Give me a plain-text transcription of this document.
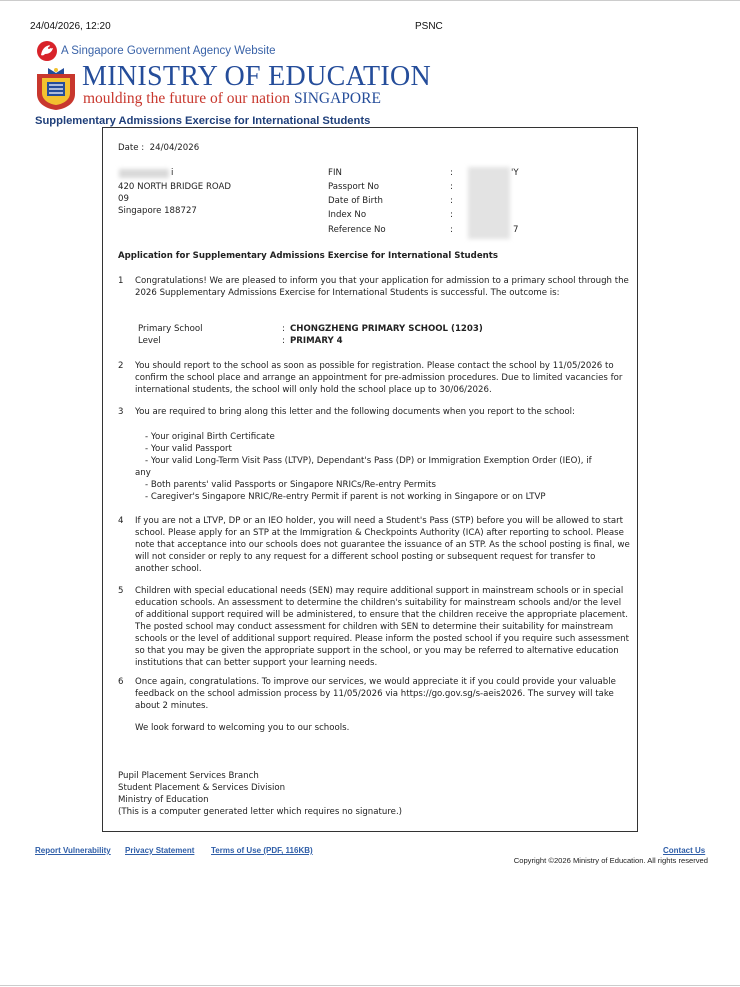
24/04/2026, 12:20	PSNC
A Singapore Government Agency Website
MINISTRY OF EDUCATION
moulding the future of our nation SINGAPORE
Supplementary Admissions Exercise for International Students
Date : 24/04/2026
i
420 NORTH BRIDGE ROAD
09
Singapore 188727
FIN	:	'Y
Passport No	:
Date of Birth	:
Index No	:
Reference No	:	7
Application for Supplementary Admissions Exercise for International Students
1 Congratulations! We are pleased to inform you that your application for admission to a primary school through the 2026 Supplementary Admissions Exercise for International Students is successful. The outcome is:
Primary School	: CHONGZHENG PRIMARY SCHOOL (1203)
Level	: PRIMARY 4
2 You should report to the school as soon as possible for registration. Please contact the school by 11/05/2026 to confirm the school place and arrange an appointment for pre-admission procedures. Due to limited vacancies for international students, the school will only hold the school place up to 30/06/2026.
3 You are required to bring along this letter and the following documents when you report to the school:
- Your original Birth Certificate
- Your valid Passport
- Your valid Long-Term Visit Pass (LTVP), Dependant's Pass (DP) or Immigration Exemption Order (IEO), if
any
- Both parents' valid Passports or Singapore NRICs/Re-entry Permits
- Caregiver's Singapore NRIC/Re-entry Permit if parent is not working in Singapore or on LTVP
4 If you are not a LTVP, DP or an IEO holder, you will need a Student's Pass (STP) before you will be allowed to start school. Please apply for an STP at the Immigration & Checkpoints Authority (ICA) after reporting to school. Please note that acceptance into our schools does not guarantee the issuance of an STP. As the school posting is final, we will not consider or reply to any request for a different school posting or subsequent request for transfer to another school.
5 Children with special educational needs (SEN) may require additional support in mainstream schools or in special education schools. An assessment to determine the children's suitability for mainstream schools and/or the level of additional support required will be administered, to ensure that the children receive the appropriate placement. The posted school may conduct assessment for children with SEN to determine their suitability for mainstream schools or the level of additional support required. Please inform the posted school if you require such assessment so that you may be given the appropriate support in the school, or you may be referred to alternative education institutions that can better support your learning needs.
6 Once again, congratulations. To improve our services, we would appreciate it if you could provide your valuable feedback on the school admission process by 11/05/2026 via https://go.gov.sg/s-aeis2026. The survey will take about 2 minutes.
We look forward to welcoming you to our schools.
Pupil Placement Services Branch
Student Placement & Services Division
Ministry of Education
(This is a computer generated letter which requires no signature.)
Report Vulnerability Privacy Statement Terms of Use (PDF, 116KB)	Contact Us
Copyright ©2026 Ministry of Education. All rights reserved
